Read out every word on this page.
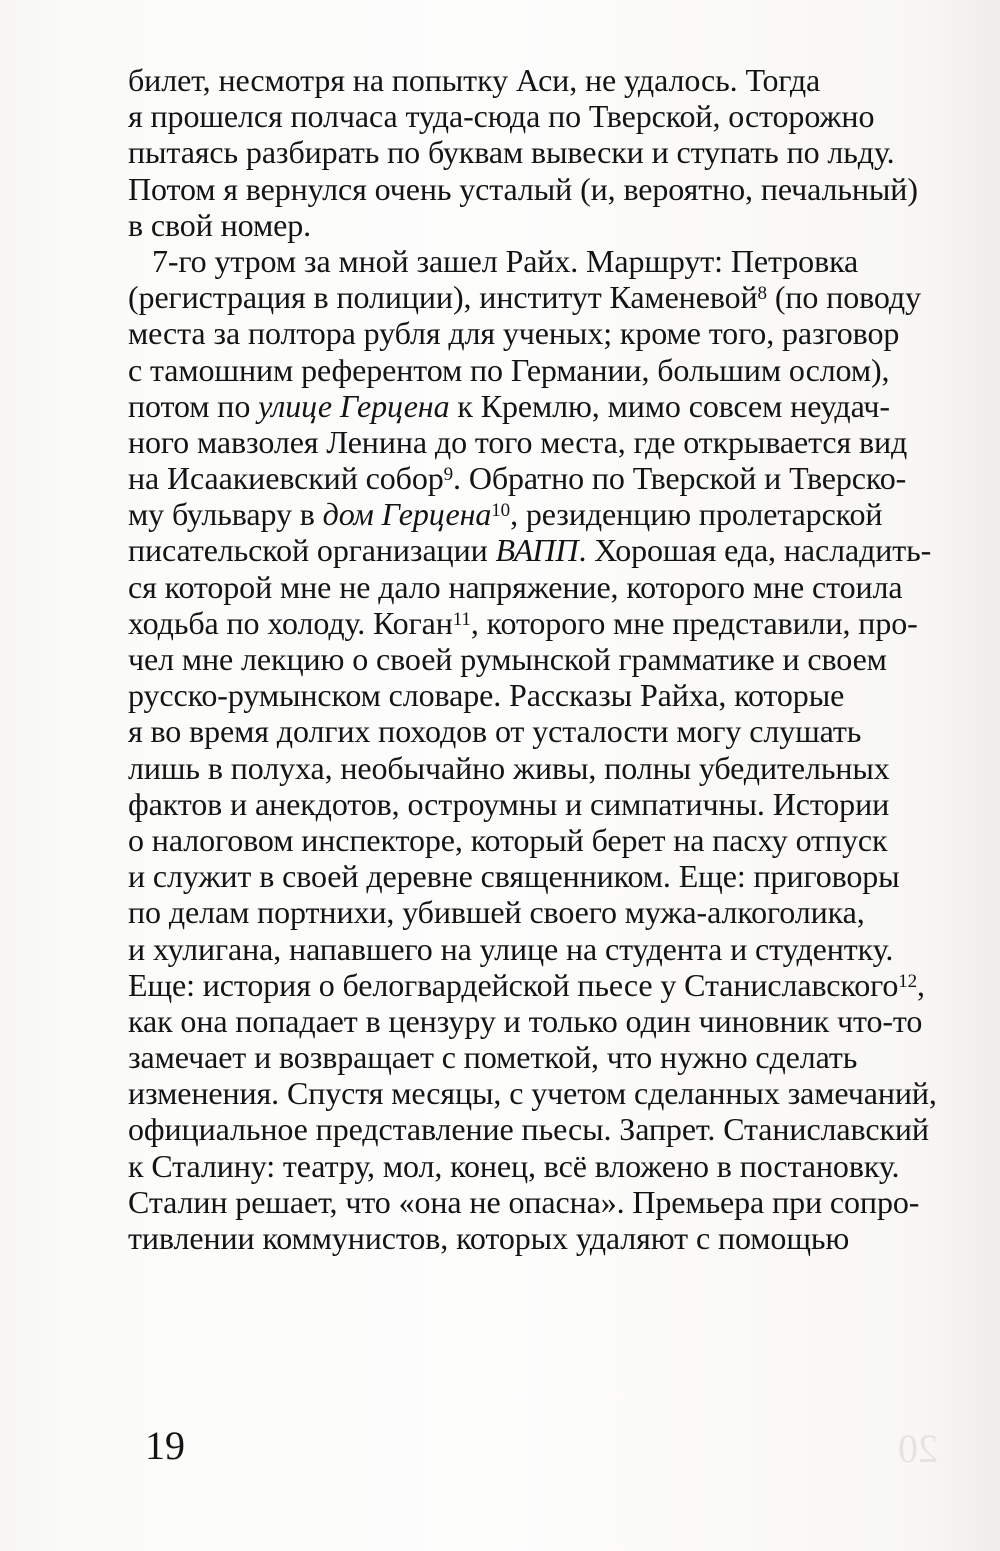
20
билет, несмотря на попытку Аси, не удалось. Тогда
я прошелся полчаса туда-сюда по Тверской, осторожно
пытаясь разбирать по буквам вывески и ступать по льду.
Потом я вернулся очень усталый (и, вероятно, печальный)
в свой номер.
7-го утром за мной зашел Райх. Маршрут: Петровка
(регистрация в полиции), институт Каменевой$^8$ (по поводу
места за полтора рубля для ученых; кроме того, разговор
с тамошним референтом по Германии, большим ослом),
потом по улице Герцена к Кремлю, мимо совсем неудач-
ного мавзолея Ленина до того места, где открывается вид
на Исаакиевский собор$^9$. Обратно по Тверской и Тверско-
му бульвару в дом Герцена$^{10}$, резиденцию пролетарской
писательской организации ВАПП. Хорошая еда, насладить-
ся которой мне не дало напряжение, которого мне стоила
ходьба по холоду. Коган$^{11}$, которого мне представили, про-
чел мне лекцию о своей румынской грамматике и своем
русско-румынском словаре. Рассказы Райха, которые
я во время долгих походов от усталости могу слушать
лишь в полуха, необычайно живы, полны убедительных
фактов и анекдотов, остроумны и симпатичны. Истории
о налоговом инспекторе, который берет на пасху отпуск
и служит в своей деревне священником. Еще: приговоры
по делам портнихи, убившей своего мужа-алкоголика,
и хулигана, напавшего на улице на студента и студентку.
Еще: история о белогвардейской пьесе у Станиславского$^{12}$,
как она попадает в цензуру и только один чиновник что-то
замечает и возвращает с пометкой, что нужно сделать
изменения. Спустя месяцы, с учетом сделанных замечаний,
официальное представление пьесы. Запрет. Станиславский
к Сталину: театру, мол, конец, всё вложено в постановку.
Сталин решает, что «она не опасна». Премьера при сопро-
тивлении коммунистов, которых удаляют с помощью
19
